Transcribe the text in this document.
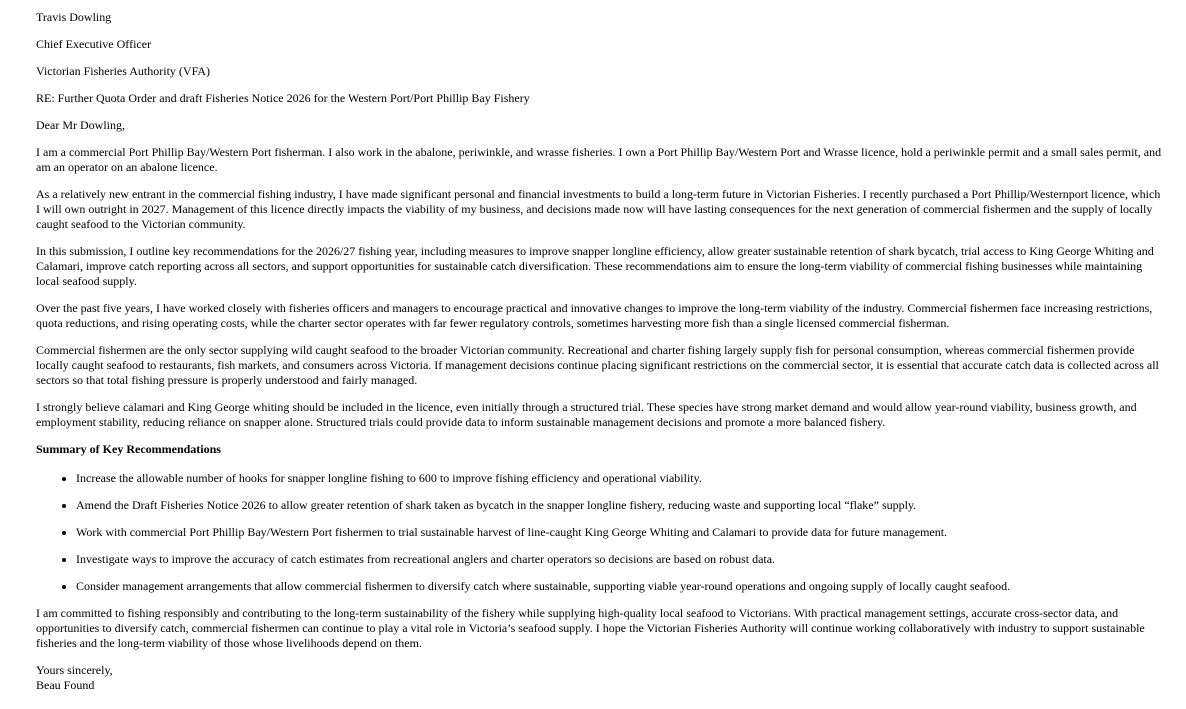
Travis Dowling

Chief Executive Officer

Victorian Fisheries Authority (VFA)

RE: Further Quota Order and draft Fisheries Notice 2026 for the Western Port/Port Phillip Bay Fishery

Dear Mr Dowling,

I am a commercial Port Phillip Bay/Western Port fisherman. I also work in the abalone, periwinkle, and wrasse fisheries. I own a Port Phillip Bay/Western Port and Wrasse licence, hold a periwinkle permit and a small sales permit, and am an operator on an abalone licence.

As a relatively new entrant in the commercial fishing industry, I have made significant personal and financial investments to build a long-term future in Victorian Fisheries. I recently purchased a Port Phillip/Westernport licence, which I will own outright in 2027. Management of this licence directly impacts the viability of my business, and decisions made now will have lasting consequences for the next generation of commercial fishermen and the supply of locally caught seafood to the Victorian community.

In this submission, I outline key recommendations for the 2026/27 fishing year, including measures to improve snapper longline efficiency, allow greater sustainable retention of shark bycatch, trial access to King George Whiting and Calamari, improve catch reporting across all sectors, and support opportunities for sustainable catch diversification. These recommendations aim to ensure the long-term viability of commercial fishing businesses while maintaining local seafood supply.

Over the past five years, I have worked closely with fisheries officers and managers to encourage practical and innovative changes to improve the long-term viability of the industry. Commercial fishermen face increasing restrictions, quota reductions, and rising operating costs, while the charter sector operates with far fewer regulatory controls, sometimes harvesting more fish than a single licensed commercial fisherman.

Commercial fishermen are the only sector supplying wild caught seafood to the broader Victorian community. Recreational and charter fishing largely supply fish for personal consumption, whereas commercial fishermen provide locally caught seafood to restaurants, fish markets, and consumers across Victoria. If management decisions continue placing significant restrictions on the commercial sector, it is essential that accurate catch data is collected across all sectors so that total fishing pressure is properly understood and fairly managed.

I strongly believe calamari and King George whiting should be included in the licence, even initially through a structured trial. These species have strong market demand and would allow year-round viability, business growth, and employment stability, reducing reliance on snapper alone. Structured trials could provide data to inform sustainable management decisions and promote a more balanced fishery.

Summary of Key Recommendations

• Increase the allowable number of hooks for snapper longline fishing to 600 to improve fishing efficiency and operational viability.
• Amend the Draft Fisheries Notice 2026 to allow greater retention of shark taken as bycatch in the snapper longline fishery, reducing waste and supporting local “flake” supply.
• Work with commercial Port Phillip Bay/Western Port fishermen to trial sustainable harvest of line-caught King George Whiting and Calamari to provide data for future management.
• Investigate ways to improve the accuracy of catch estimates from recreational anglers and charter operators so decisions are based on robust data.
• Consider management arrangements that allow commercial fishermen to diversify catch where sustainable, supporting viable year-round operations and ongoing supply of locally caught seafood.

I am committed to fishing responsibly and contributing to the long-term sustainability of the fishery while supplying high-quality local seafood to Victorians. With practical management settings, accurate cross-sector data, and opportunities to diversify catch, commercial fishermen can continue to play a vital role in Victoria’s seafood supply. I hope the Victorian Fisheries Authority will continue working collaboratively with industry to support sustainable fisheries and the long-term viability of those whose livelihoods depend on them.

Yours sincerely,

Beau Found
